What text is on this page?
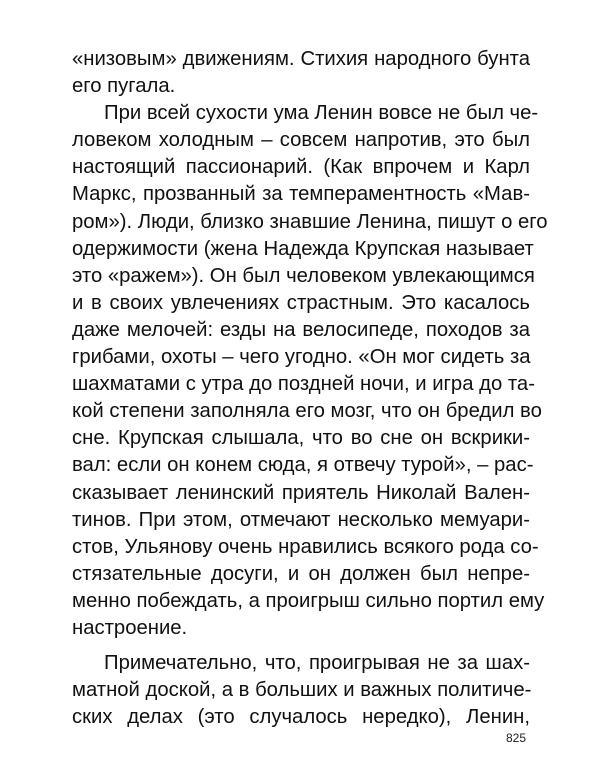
«низовым» движениям. Стихия народного бунта
его пугала.
При всей сухости ума Ленин вовсе не был че-
ловеком холодным – совсем напротив, это был
настоящий пассионарий. (Как впрочем и Карл
Маркс, прозванный за темпераментность «Мав-
ром»). Люди, близко знавшие Ленина, пишут о его
одержимости (жена Надежда Крупская называет
это «ражем»). Он был человеком увлекающимся
и в своих увлечениях страстным. Это касалось
даже мелочей: езды на велосипеде, походов за
грибами, охоты – чего угодно. «Он мог сидеть за
шахматами с утра до поздней ночи, и игра до та-
кой степени заполняла его мозг, что он бредил во
сне. Крупская слышала, что во сне он вскрики-
вал: если он конем сюда, я отвечу турой», – рас-
сказывает ленинский приятель Николай Вален-
тинов. При этом, отмечают несколько мемуари-
стов, Ульянову очень нравились всякого рода со-
стязательные досуги, и он должен был непре-
менно побеждать, а проигрыш сильно портил ему
настроение.
Примечательно, что, проигрывая не за шах-
матной доской, а в больших и важных политиче-
ских делах (это случалось нередко), Ленин,
825
